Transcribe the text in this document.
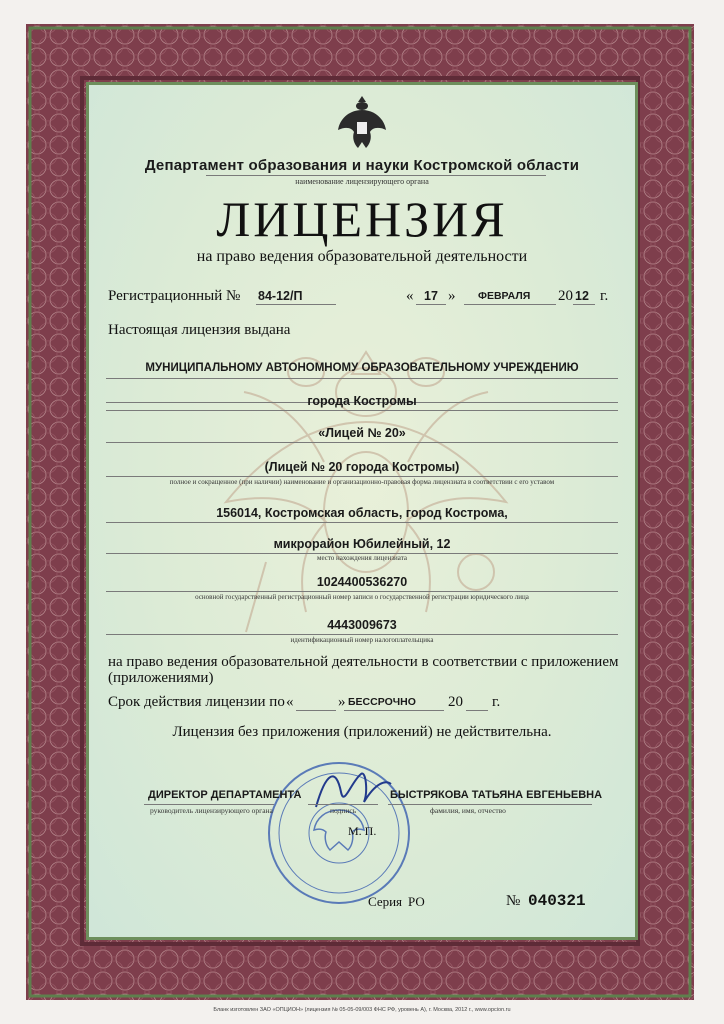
Департамент образования и науки Костромской области
наименование лицензирующего органа
ЛИЦЕНЗИЯ
на право ведения образовательной деятельности
Регистрационный № 84-12/П	« 17 » ФЕВРАЛЯ 20 12 г.
Настоящая лицензия выдана
МУНИЦИПАЛЬНОМУ АВТОНОМНОМУ ОБРАЗОВАТЕЛЬНОМУ УЧРЕЖДЕНИЮ
города Костромы
«Лицей № 20»
(Лицей № 20 города Костромы)
полное и сокращенное (при наличии) наименование и организационно-правовая форма лицензиата в соответствии с его уставом
156014, Костромская область, город Кострома,
микрорайон Юбилейный, 12
место нахождения лицензиата
1024400536270
основной государственный регистрационный номер записи о государственной регистрации юридического лица
4443009673
идентификационный номер налогоплательщика
на право ведения образовательной деятельности в соответствии с приложением
(приложениями)
Срок действия лицензии по «	» БЕССРОЧНО 20 г.
Лицензия без приложения (приложений) не действительна.
ДИРЕКТОР ДЕПАРТАМЕНТА
руководитель лицензирующего органа	подпись
БЫСТРЯКОВА ТАТЬЯНА ЕВГЕНЬЕВНА
фамилия, имя, отчество
М. П.
Серия РО	№ 040321
Бланк изготовлен ЗАО «ОПЦИОН» (лицензия № 05-05-09/003 ФНС РФ, уровень А), г. Москва, 2012 г., www.opcion.ru
